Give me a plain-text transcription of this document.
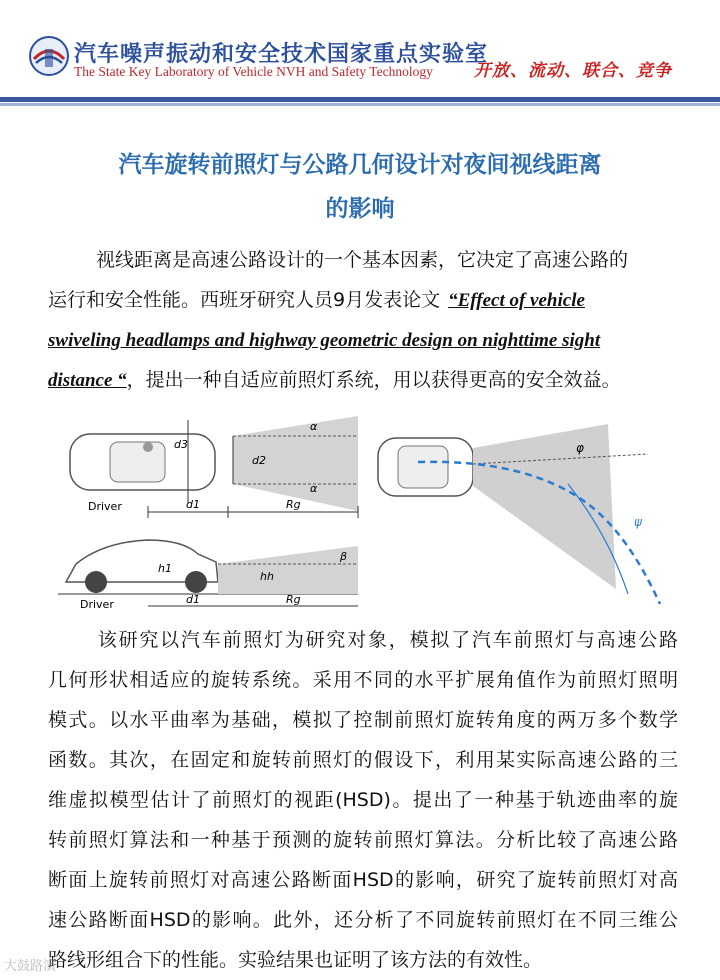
汽车噪声振动和安全技术国家重点实验室
The State Key Laboratory of Vehicle NVH and Safety Technology 开放、流动、联合、竞争
汽车旋转前照灯与公路几何设计对夜间视线距离
的影响
视线距离是高速公路设计的一个基本因素，它决定了高速公路的
运行和安全性能。西班牙研究人员9月发表论文 “Effect of vehicle
swiveling headlamps and highway geometric design on nighttime sight
distance “，提出一种自适应前照灯系统，用以获得更高的安全效益。
α
α
d3
d2
Driver	d1	Rg
β
h1
hh
Driver	d1	Rg
φ
ψ
该研究以汽车前照灯为研究对象，模拟了汽车前照灯与高速公路
几何形状相适应的旋转系统。采用不同的水平扩展角值作为前照灯照明
模式。以水平曲率为基础，模拟了控制前照灯旋转角度的两万多个数学
函数。其次，在固定和旋转前照灯的假设下，利用某实际高速公路的三
维虚拟模型估计了前照灯的视距(HSD)。提出了一种基于轨迹曲率的旋
转前照灯算法和一种基于预测的旋转前照灯算法。分析比较了高速公路
断面上旋转前照灯对高速公路断面HSD的影响，研究了旋转前照灯对高
速公路断面HSD的影响。此外，还分析了不同旋转前照灯在不同三维公
路线形组合下的性能。实验结果也证明了该方法的有效性。
大鼓路演
